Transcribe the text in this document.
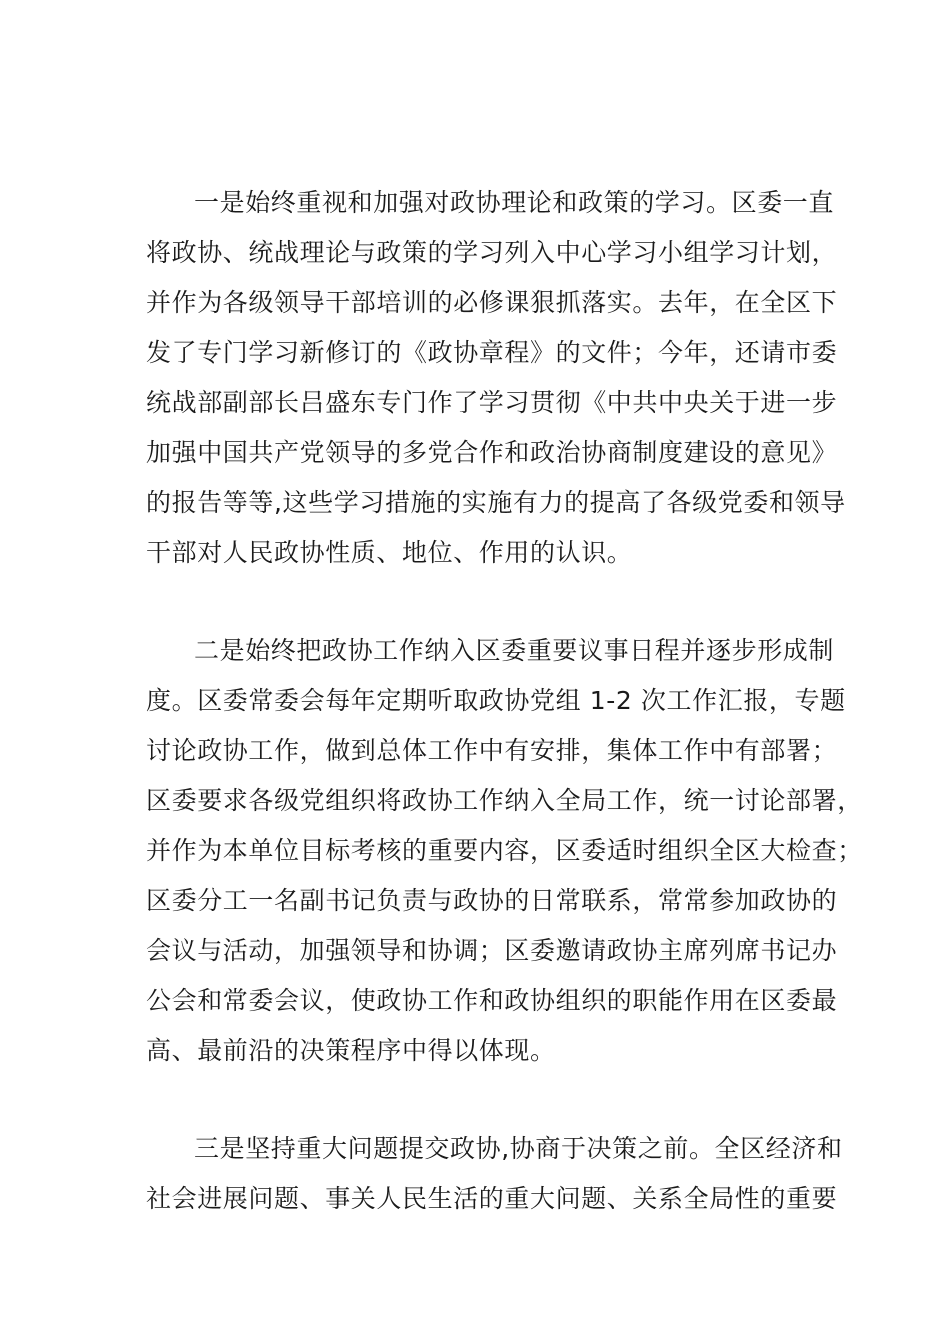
一是始终重视和加强对政协理论和政策的学习。区委一直
将政协、统战理论与政策的学习列入中心学习小组学习计划，
并作为各级领导干部培训的必修课狠抓落实。去年，在全区下
发了专门学习新修订的《政协章程》的文件；今年，还请市委
统战部副部长吕盛东专门作了学习贯彻《中共中央关于进一步
加强中国共产党领导的多党合作和政治协商制度建设的意见》
的报告等等,这些学习措施的实施有力的提高了各级党委和领导
干部对人民政协性质、地位、作用的认识。
二是始终把政协工作纳入区委重要议事日程并逐步形成制
度。区委常委会每年定期听取政协党组 1-2 次工作汇报，专题
讨论政协工作，做到总体工作中有安排，集体工作中有部署；
区委要求各级党组织将政协工作纳入全局工作，统一讨论部署，
并作为本单位目标考核的重要内容，区委适时组织全区大检查；
区委分工一名副书记负责与政协的日常联系，常常参加政协的
会议与活动，加强领导和协调；区委邀请政协主席列席书记办
公会和常委会议，使政协工作和政协组织的职能作用在区委最
高、最前沿的决策程序中得以体现。
三是坚持重大问题提交政协,协商于决策之前。全区经济和
社会进展问题、事关人民生活的重大问题、关系全局性的重要
